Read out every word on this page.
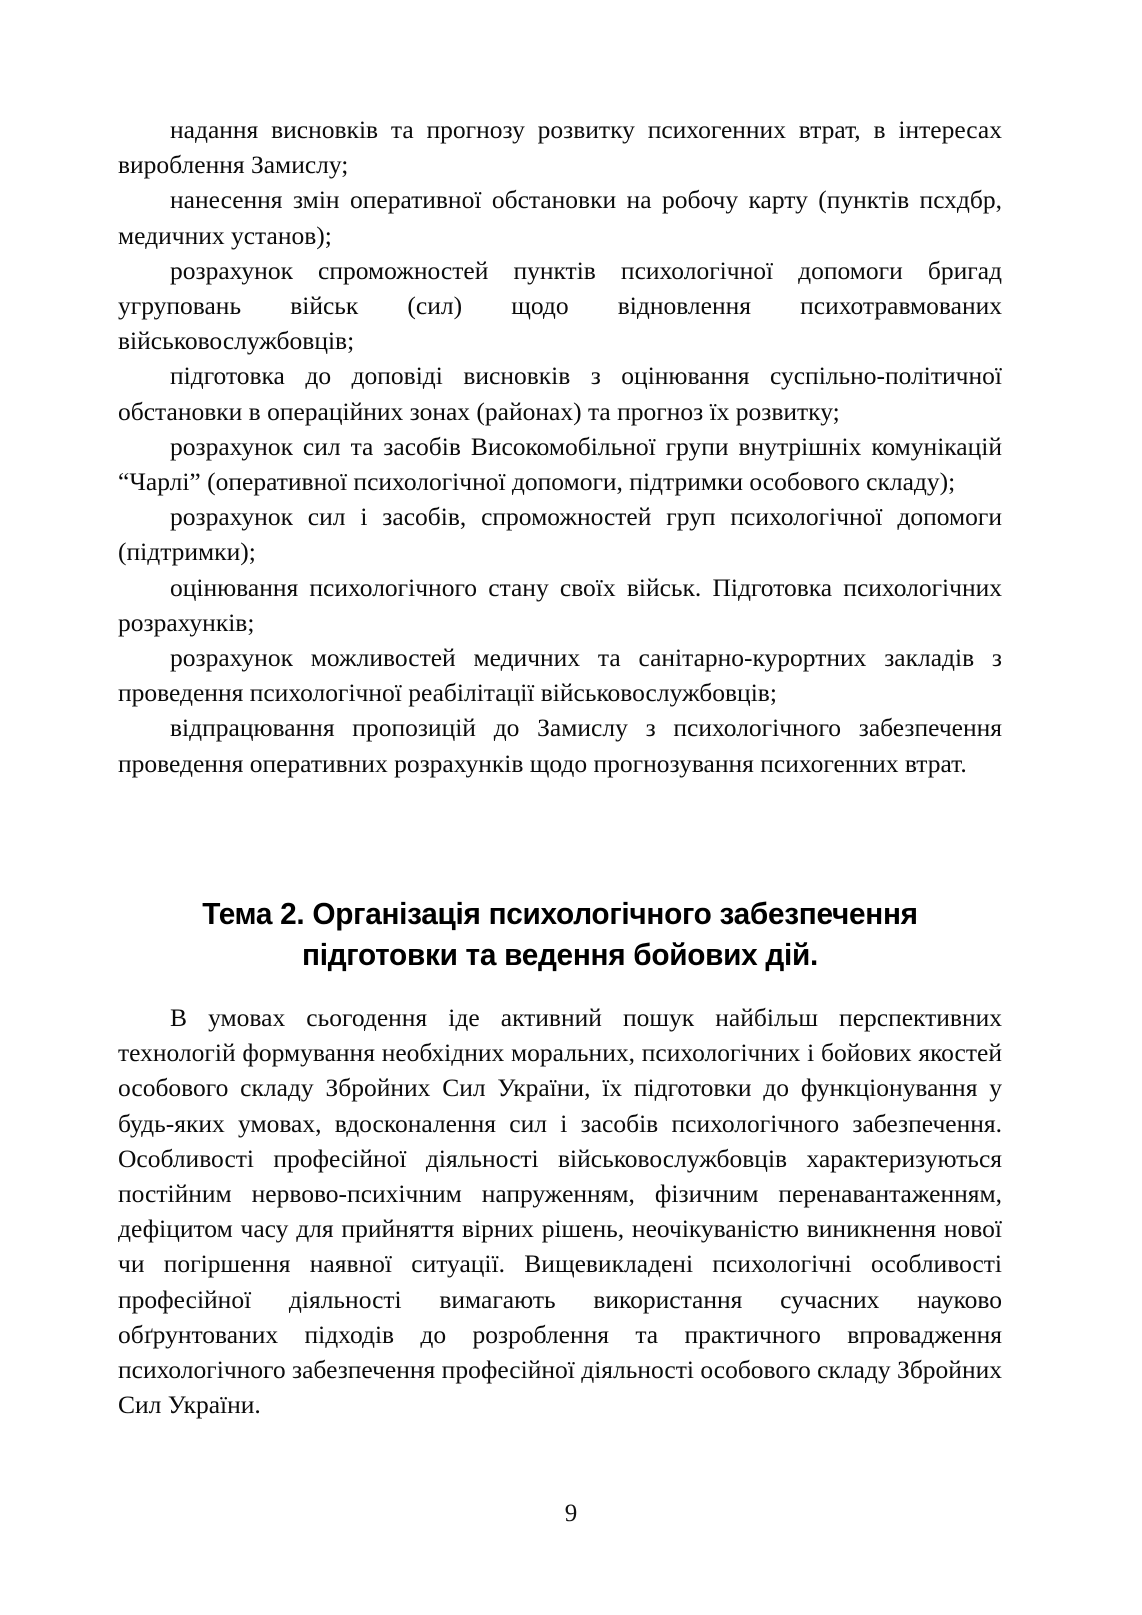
надання висновків та прогнозу розвитку психогенних втрат, в інтересах вироблення Замислу;

нанесення змін оперативної обстановки на робочу карту (пунктів псхдбр, медичних установ);

розрахунок спроможностей пунктів психологічної допомоги бригад угруповань військ (сил) щодо відновлення психотравмованих військовослужбовців;

підготовка до доповіді висновків з оцінювання суспільно-політичної обстановки в операційних зонах (районах) та прогноз їх розвитку;

розрахунок сил та засобів Високомобільної групи внутрішніх комунікацій “Чарлі” (оперативної психологічної допомоги, підтримки особового складу);

розрахунок сил і засобів, спроможностей груп психологічної допомоги (підтримки);

оцінювання психологічного стану своїх військ. Підготовка психологічних розрахунків;

розрахунок можливостей медичних та санітарно-курортних закладів з проведення психологічної реабілітації військовослужбовців;

відпрацювання пропозицій до Замислу з психологічного забезпечення проведення оперативних розрахунків щодо прогнозування психогенних втрат.

Тема 2. Організація психологічного забезпечення
підготовки та ведення бойових дій.

В умовах сьогодення іде активний пошук найбільш перспективних технологій формування необхідних моральних, психологічних і бойових якостей особового складу Збройних Сил України, їх підготовки до функціонування у будь-яких умовах, вдосконалення сил і засобів психологічного забезпечення. Особливості професійної діяльності військовослужбовців характеризуються постійним нервово-психічним напруженням, фізичним перенавантаженням, дефіцитом часу для прийняття вірних рішень, неочікуваністю виникнення нової чи погіршення наявної ситуації. Вищевикладені психологічні особливості професійної діяльності вимагають використання сучасних науково обґрунтованих підходів до розроблення та практичного впровадження психологічного забезпечення професійної діяльності особового складу Збройних Сил України.

9
